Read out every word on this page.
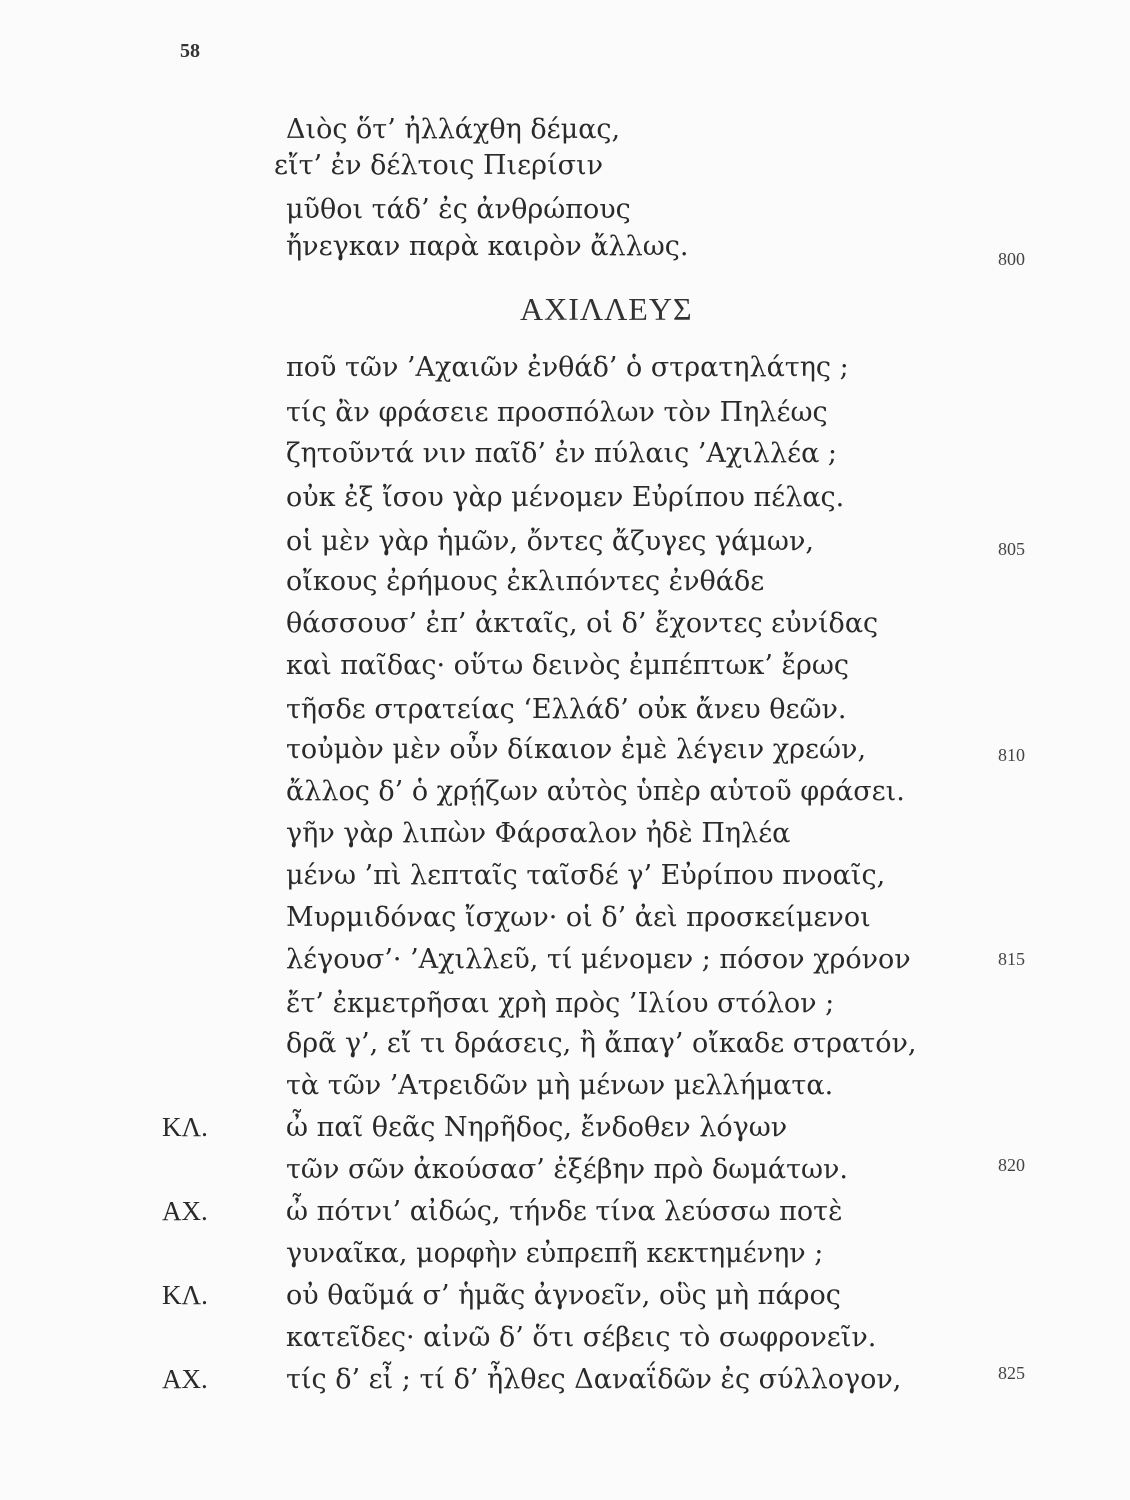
58
Διὸς ὅτ’ ἠλλάχθη δέμας,
εἴτ’ ἐν δέλτοις Πιερίσιν
μῦθοι τάδ’ ἐς ἀνθρώπους
ἤνεγκαν παρὰ καιρὸν ἄλλως.
ΑΧΙΛΛΕΥΣ
ποῦ τῶν ’Αχαιῶν ἐνθάδ’ ὁ στρατηλάτης ;
τίς ἂν φράσειε προσπόλων τὸν Πηλέως
ζητοῦντά νιν παῖδ’ ἐν πύλαις ’Αχιλλέα ;
οὐκ ἐξ ἴσου γὰρ μένομεν Εὐρίπου πέλας.
οἱ μὲν γὰρ ἡμῶν, ὄντες ἄζυγες γάμων,
οἴκους ἐρήμους ἐκλιπόντες ἐνθάδε
θάσσουσ’ ἐπ’ ἀκταῖς, οἱ δ’ ἔχοντες εὐνίδας
καὶ παῖδας· οὕτω δεινὸς ἐμπέπτωκ’ ἔρως
τῆσδε στρατείας ‘Ελλάδ’ οὐκ ἄνευ θεῶν.
τοὐμὸν μὲν οὖν δίκαιον ἐμὲ λέγειν χρεών,
ἄλλος δ’ ὁ χρῄζων αὐτὸς ὑπὲρ αὑτοῦ φράσει.
γῆν γὰρ λιπὼν Φάρσαλον ἠδὲ Πηλέα
μένω ’πὶ λεπταῖς ταῖσδέ γ’ Εὐρίπου πνοαῖς,
Μυρμιδόνας ἴσχων· οἱ δ’ ἀεὶ προσκείμενοι
λέγουσ’· ’Αχιλλεῦ, τί μένομεν ; πόσον χρόνον
ἔτ’ ἐκμετρῆσαι χρὴ πρὸς ’Ιλίου στόλον ;
δρᾶ γ’, εἴ τι δράσεις, ἢ ἄπαγ’ οἴκαδε στρατόν,
τὰ τῶν ’Ατρειδῶν μὴ μένων μελλήματα.
ΚΛ.	ὦ παῖ θεᾶς Νηρῆδος, ἔνδοθεν λόγων
τῶν σῶν ἀκούσασ’ ἐξέβην πρὸ δωμάτων.
ΑΧ.	ὦ πότνι’ αἰδώς, τήνδε τίνα λεύσσω ποτὲ
γυναῖκα, μορφὴν εὐπρεπῆ κεκτημένην ;
ΚΛ.	οὐ θαῦμά σ’ ἡμᾶς ἀγνοεῖν, οὓς μὴ πάρος
κατεῖδες· αἰνῶ δ’ ὅτι σέβεις τὸ σωφρονεῖν.
ΑΧ.	τίς δ’ εἶ ; τί δ’ ἦλθες Δαναΐδῶν ἐς σύλλογον,
800
805
810
815
820
825
